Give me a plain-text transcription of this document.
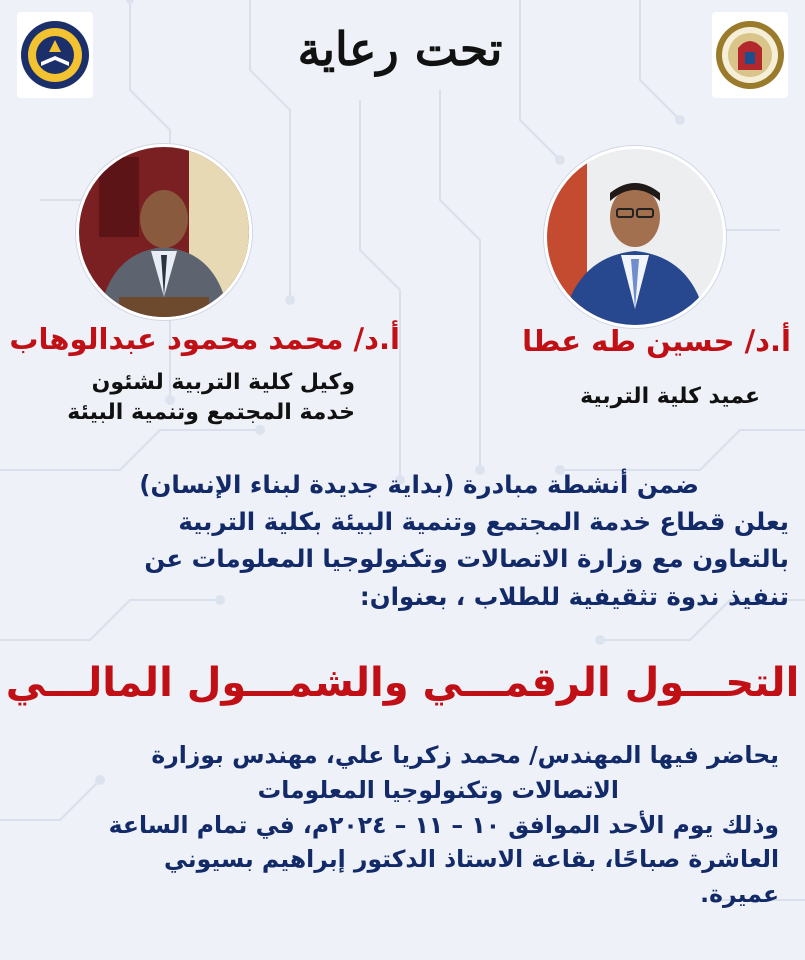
تحت رعاية
أ.د/ محمد محمود عبدالوهاب	أ.د/ حسين طه عطا
وكيل كلية التربية لشئون
خدمة المجتمع وتنمية البيئة
عميد كلية التربية
ضمن أنشطة مبادرة (بداية جديدة لبناء الإنسان)
يعلن قطاع خدمة المجتمع وتنمية البيئة بكلية التربية
بالتعاون مع وزارة الاتصالات وتكنولوجيا المعلومات عن
تنفيذ ندوة تثقيفية للطلاب ، بعنوان:
التحـــول الرقمـــي والشمـــول المالـــي

يحاضر فيها المهندس/ محمد زكريا علي، مهندس بوزارة

الاتصالات وتكنولوجيا المعلومات

وذلك يوم الأحد الموافق ١٠ – ١١ – ٢٠٢٤م، في تمام الساعة

العاشرة صباحًا، بقاعة الاستاذ الدكتور إبراهيم بسيوني

عميرة.
